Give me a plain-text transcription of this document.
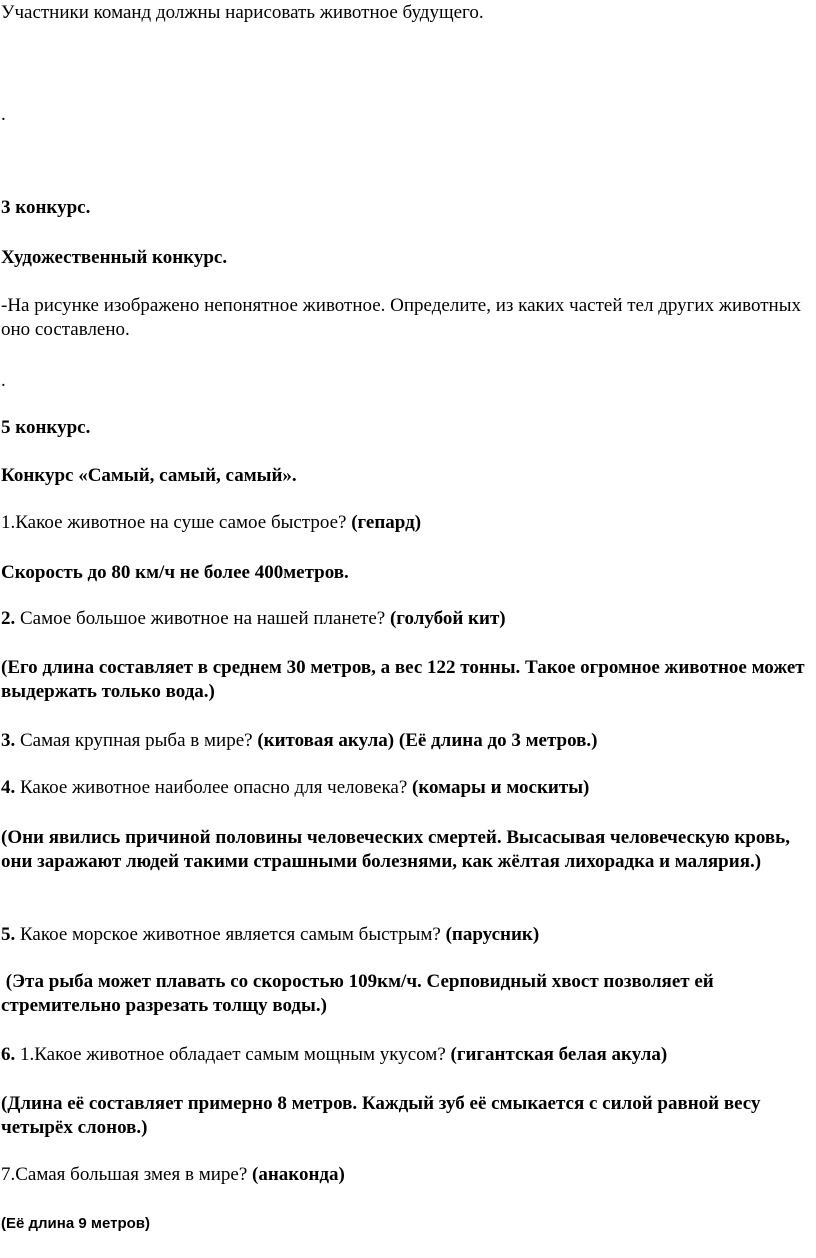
Участники команд должны нарисовать животное будущего.

.

3 конкурс.

Художественный конкурс.

-На рисунке изображено непонятное животное. Определите, из каких частей тел других животных оно составлено.

.

5 конкурс.

Конкурс «Самый, самый, самый».

1.Какое животное на суше самое быстрое? (гепард)

Скорость до 80 км/ч не более 400метров.

2. Самое большое животное на нашей планете? (голубой кит)

(Его длина составляет в среднем 30 метров, а вес 122 тонны. Такое огромное животное может выдержать только вода.)

3. Самая крупная рыба в мире? (китовая акула) (Её длина до 3 метров.)

4. Какое животное наиболее опасно для человека? (комары и москиты)

(Они явились причиной половины человеческих смертей. Высасывая человеческую кровь, они заражают людей такими страшными болезнями, как жёлтая лихорадка и малярия.)

5. Какое морское животное является самым быстрым? (парусник)

(Эта рыба может плавать со скоростью 109км/ч. Серповидный хвост позволяет ей стремительно разрезать толщу воды.)

6. 1.Какое животное обладает самым мощным укусом? (гигантская белая акула)

(Длина её составляет примерно 8 метров. Каждый зуб её смыкается с силой равной весу четырёх слонов.)

7.Самая большая змея в мире? (анаконда)

(Её длина 9 метров)
